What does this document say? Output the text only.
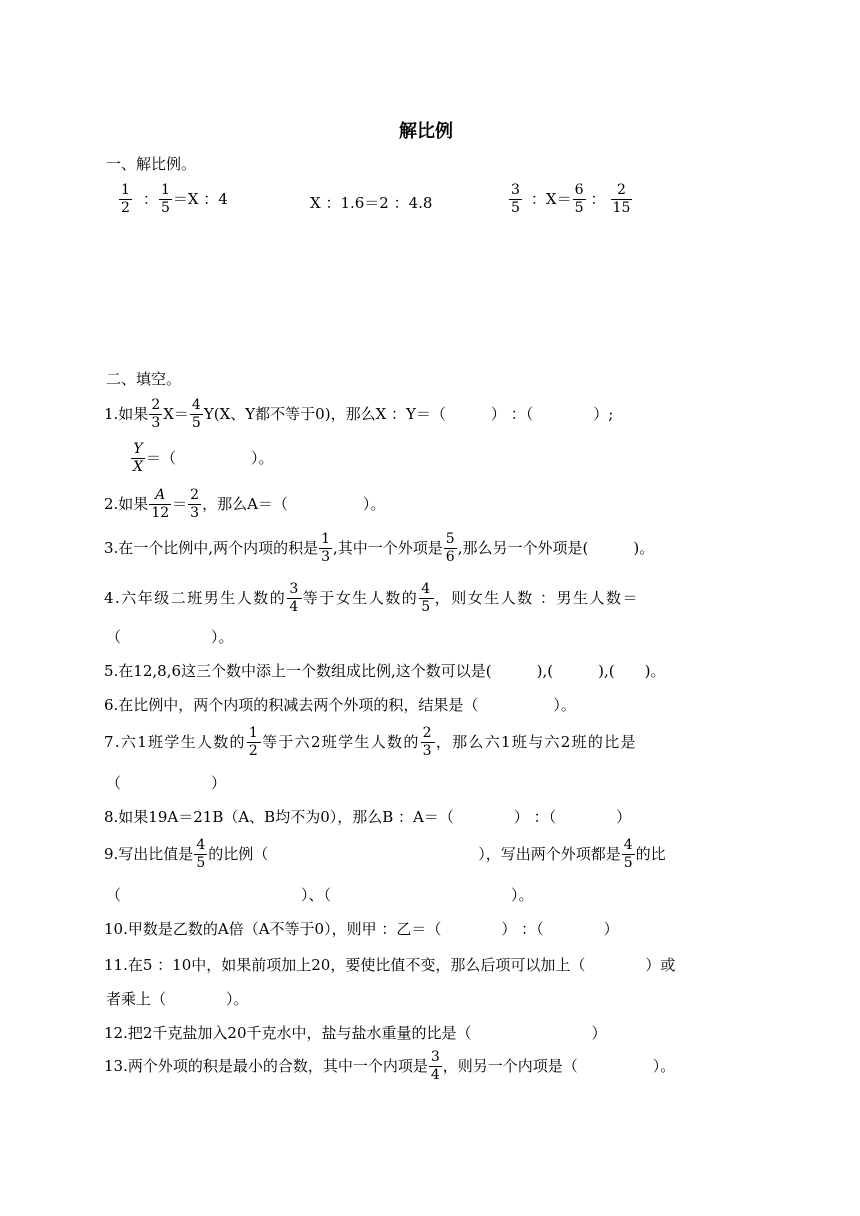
解比例
一、解比例。
$\frac{1}{2}$ ： $\frac{1}{5} =X$ ：4	X ：1.6＝2 ：4.8	$\frac{3}{5}$ ：$X= \frac{6}{5}$ ： $\frac{2}{15}$
二、填空。
1.如果 $\frac{2}{3} X= \frac{4}{5} Y(X$、Y都不等于0)，那么X ：Y＝（　　　） ：（　　　　）;
$\frac{Y}{X}$ ＝（　　　　　）。
2.如果 $\frac{A}{12} = \frac{2}{3}$ ，那么A＝（　　　　　）。
3.在一个比例中,两个内项的积是 $\frac{1}{3}$ ,其中一个外项是 $\frac{5}{6}$ ,那么另一个外项是(　　　)。
4.六年级二班男生人数的 $\frac{3}{4}$ 等于女生人数的 $\frac{4}{5}$ ，则女生人数 ：男生人数＝
（　　　　　　）。
5.在12,8,6这三个数中添上一个数组成比例,这个数可以是(　　　),(　　　),(　　)。
6.在比例中，两个内项的积减去两个外项的积，结果是（　　　　　）。
7.六1班学生人数的 $\frac{1}{2}$ 等于六2班学生人数的 $\frac{2}{3}$ ，那么六1班与六2班的比是
（　　　　　　）
8.如果19A＝21B（A、B均不为0），那么B ：A＝（　　　　） ：（　　　　）
9.写出比值是 $\frac{4}{5}$ 的比例（　　　　　　　　　　　　　　），写出两个外项都是 $\frac{4}{5}$ 的比
（　　　　　　　　　　　　）、（　　　　　　　　　　　　）。
10.甲数是乙数的A倍（A不等于0），则甲 ：乙＝（　　　　） ：（　　　　）
11.在5 ：10中，如果前项加上20，要使比值不变，那么后项可以加上（　　　　）或
者乘上（　　　　）。
12.把2千克盐加入20千克水中，盐与盐水重量的比是（　　　　　　　　）
13.两个外项的积是最小的合数，其中一个内项是 $\frac{3}{4}$ ，则另一个内项是（　　　　　）。
